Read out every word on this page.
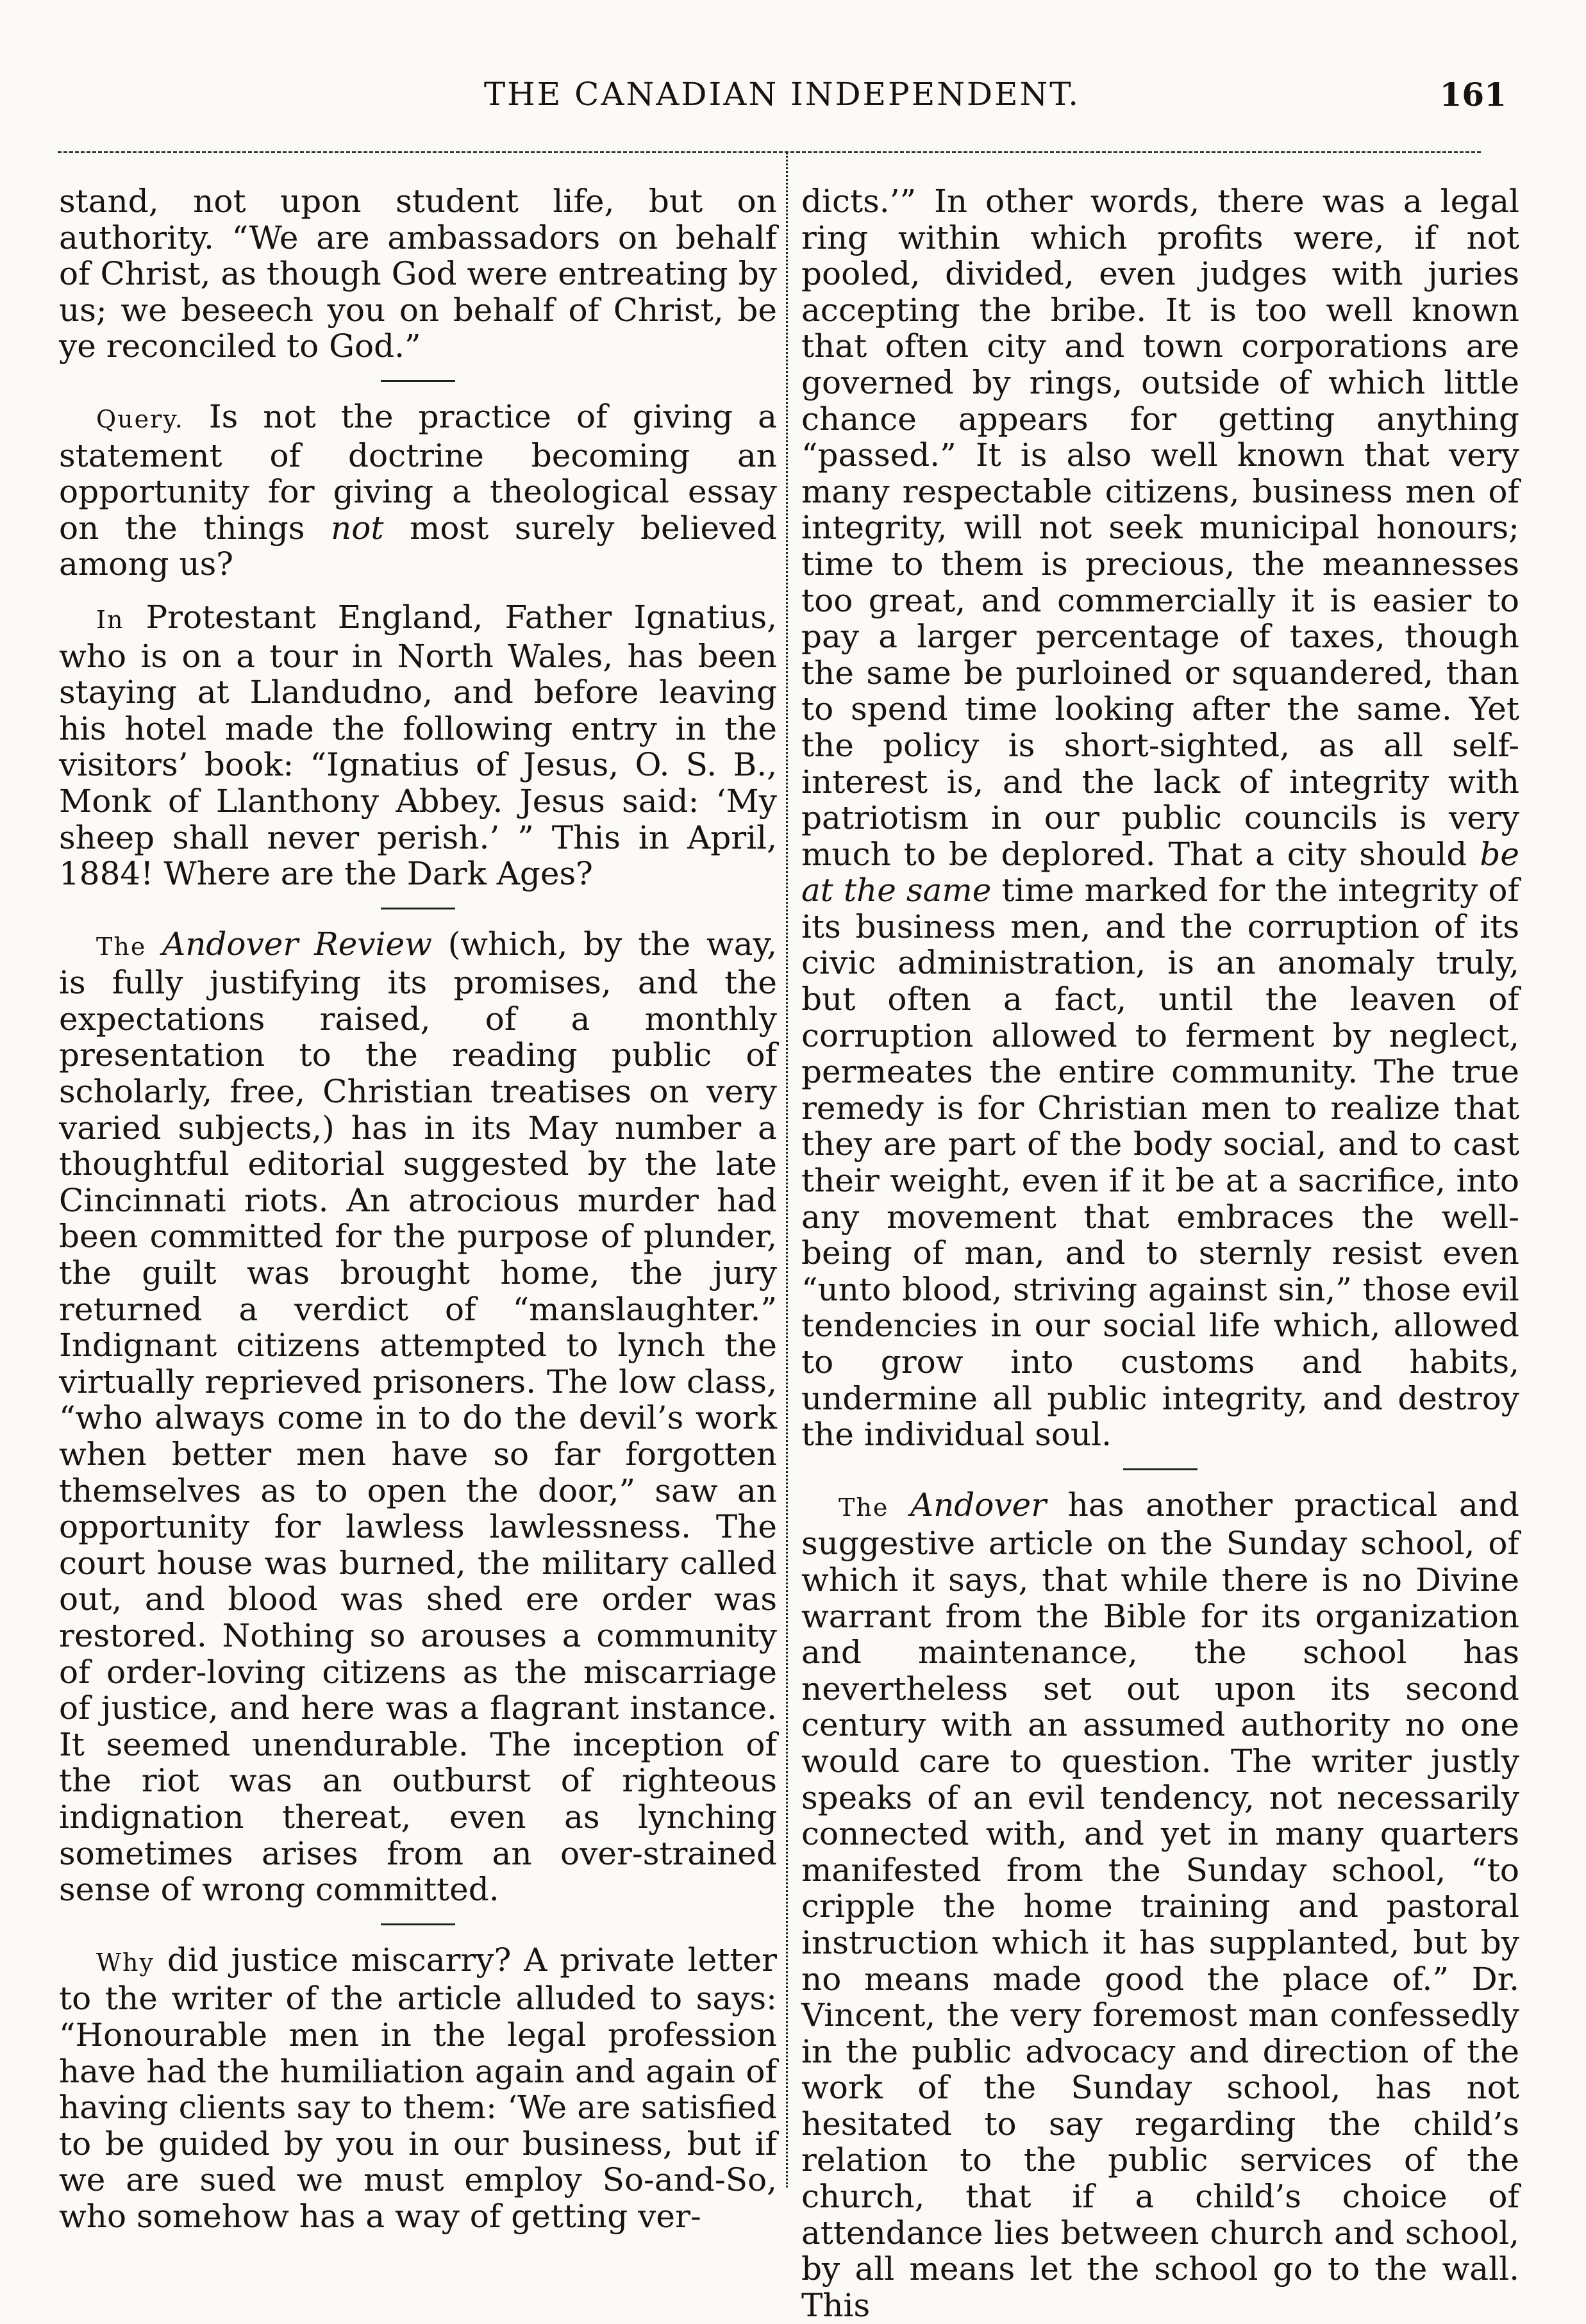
THE CANADIAN INDEPENDENT.	161

stand, not upon student life, but on authority. “We are ambassadors on behalf of Christ, as though God were entreating by us; we beseech you on behalf of Christ, be ye reconciled to God.”

Query. Is not the practice of giving a statement of doctrine becoming an opportunity for giving a theological essay on the things not most surely believed among us?

In Protestant England, Father Ignatius, who is on a tour in North Wales, has been staying at Llandudno, and before leaving his hotel made the following entry in the visitors’ book: “Ignatius of Jesus, O. S. B., Monk of Llanthony Abbey. Jesus said: ‘My sheep shall never perish.’ ” This in April, 1884! Where are the Dark Ages?

The Andover Review (which, by the way, is fully justifying its promises, and the expectations raised, of a monthly presentation to the reading public of scholarly, free, Christian treatises on very varied subjects,) has in its May number a thoughtful editorial suggested by the late Cincinnati riots. An atrocious murder had been committed for the purpose of plunder, the guilt was brought home, the jury returned a verdict of “manslaughter.” Indignant citizens attempted to lynch the virtually reprieved prisoners. The low class, “who always come in to do the devil’s work when better men have so far forgotten themselves as to open the door,” saw an opportunity for lawless lawlessness. The court house was burned, the military called out, and blood was shed ere order was restored. Nothing so arouses a community of order-loving citizens as the miscarriage of justice, and here was a flagrant instance. It seemed unendurable. The inception of the riot was an outburst of righteous indignation thereat, even as lynching sometimes arises from an over-strained sense of wrong committed.

Why did justice miscarry? A private letter to the writer of the article alluded to says: “Honourable men in the legal profession have had the humiliation again and again of having clients say to them: ‘We are satisfied to be guided by you in our business, but if we are sued we must employ So-and-So, who somehow has a way of getting ver-

dicts.’” In other words, there was a legal ring within which profits were, if not pooled, divided, even judges with juries accepting the bribe. It is too well known that often city and town corporations are governed by rings, outside of which little chance appears for getting anything “passed.” It is also well known that very many respectable citizens, business men of integrity, will not seek municipal honours; time to them is precious, the meannesses too great, and commercially it is easier to pay a larger percentage of taxes, though the same be purloined or squandered, than to spend time looking after the same. Yet the policy is short-sighted, as all self-interest is, and the lack of integrity with patriotism in our public councils is very much to be deplored. That a city should be at the same time marked for the integrity of its business men, and the corruption of its civic administration, is an anomaly truly, but often a fact, until the leaven of corruption allowed to ferment by neglect, permeates the entire community. The true remedy is for Christian men to realize that they are part of the body social, and to cast their weight, even if it be at a sacrifice, into any movement that embraces the well-being of man, and to sternly resist even “unto blood, striving against sin,” those evil tendencies in our social life which, allowed to grow into customs and habits, undermine all public integrity, and destroy the individual soul.

The Andover has another practical and suggestive article on the Sunday school, of which it says, that while there is no Divine warrant from the Bible for its organization and maintenance, the school has nevertheless set out upon its second century with an assumed authority no one would care to question. The writer justly speaks of an evil tendency, not necessarily connected with, and yet in many quarters manifested from the Sunday school, “to cripple the home training and pastoral instruction which it has supplanted, but by no means made good the place of.” Dr. Vincent, the very foremost man confessedly in the public advocacy and direction of the work of the Sunday school, has not hesitated to say regarding the child’s relation to the public services of the church, that if a child’s choice of attendance lies between church and school, by all means let the school go to the wall. This
